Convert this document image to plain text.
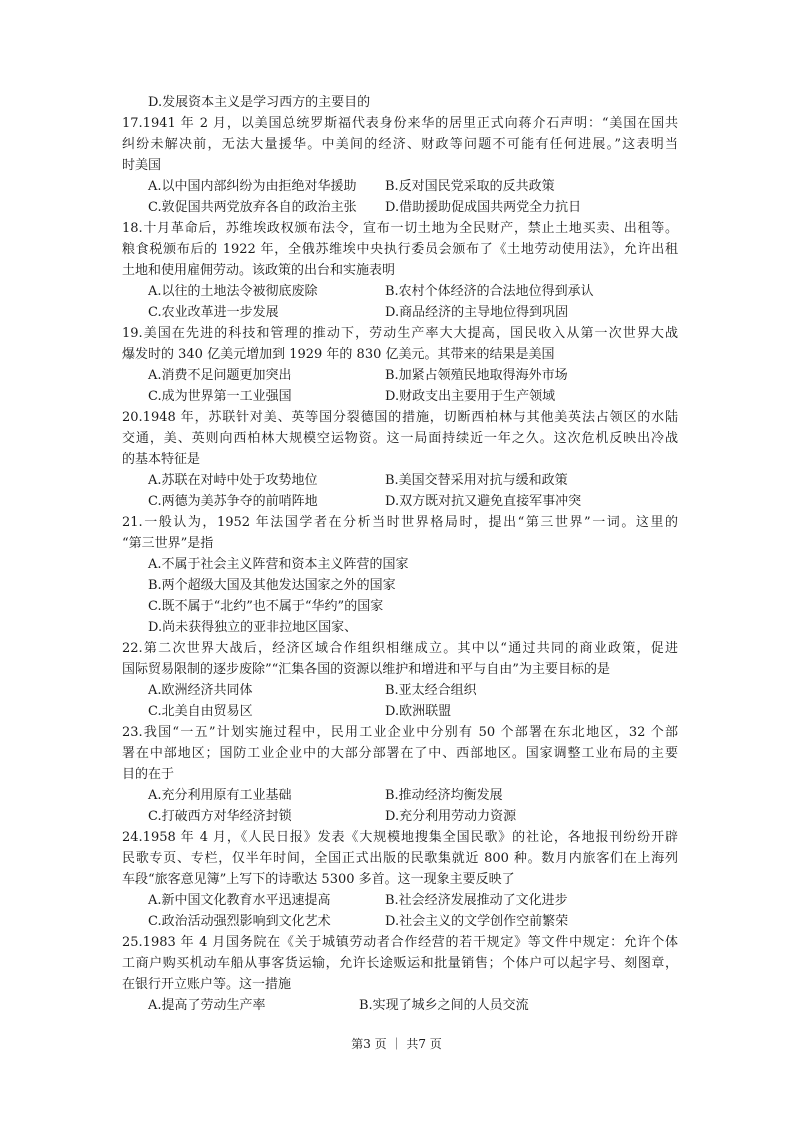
D.发展资本主义是学习西方的主要目的
17.1941 年 2 月，以美国总统罗斯福代表身份来华的居里正式向蒋介石声明：“美国在国共
纠纷未解决前，无法大量援华。中美间的经济、财政等问题不可能有任何进展。”这表明当
时美国
A.以中国内部纠纷为由拒绝对华援助	B.反对国民党采取的反共政策
C.敦促国共两党放弃各自的政治主张	D.借助援助促成国共两党全力抗日
18.十月革命后，苏维埃政权颁布法令，宣布一切土地为全民财产，禁止土地买卖、出租等。
粮食税颁布后的 1922 年，全俄苏维埃中央执行委员会颁布了《土地劳动使用法》，允许出租
土地和使用雇佣劳动。该政策的出台和实施表明
A.以往的土地法令被彻底废除	B.农村个体经济的合法地位得到承认
C.农业改革进一步发展	D.商品经济的主导地位得到巩固
19.美国在先进的科技和管理的推动下，劳动生产率大大提高，国民收入从第一次世界大战
爆发时的 340 亿美元增加到 1929 年的 830 亿美元。其带来的结果是美国
A.消费不足问题更加突出	B.加紧占领殖民地取得海外市场
C.成为世界第一工业强国	D.财政支出主要用于生产领域
20.1948 年，苏联针对美、英等国分裂德国的措施，切断西柏林与其他美英法占领区的水陆
交通，美、英则向西柏林大规模空运物资。这一局面持续近一年之久。这次危机反映出冷战
的基本特征是
A.苏联在对峙中处于攻势地位	B.美国交替采用对抗与缓和政策
C.两德为美苏争夺的前哨阵地	D.双方既对抗又避免直接军事冲突
21.一般认为，1952 年法国学者在分析当时世界格局时，提出“第三世界”一词。这里的
“第三世界”是指
A.不属于社会主义阵营和资本主义阵营的国家
B.两个超级大国及其他发达国家之外的国家
C.既不属于“北约”也不属于“华约”的国家
D.尚未获得独立的亚非拉地区国家、
22.第二次世界大战后，经济区域合作组织相继成立。其中以“通过共同的商业政策，促进
国际贸易限制的逐步废除”“汇集各国的资源以维护和增进和平与自由”为主要目标的是
A.欧洲经济共同体	B.亚太经合组织
C.北美自由贸易区	D.欧洲联盟
23.我国“一五”计划实施过程中，民用工业企业中分别有 50 个部署在东北地区，32 个部
署在中部地区；国防工业企业中的大部分部署在了中、西部地区。国家调整工业布局的主要
目的在于
A.充分利用原有工业基础	B.推动经济均衡发展
C.打破西方对华经济封锁	D.充分利用劳动力资源
24.1958 年 4 月，《人民日报》发表《大规模地搜集全国民歌》的社论，各地报刊纷纷开辟
民歌专页、专栏，仅半年时间，全国正式出版的民歌集就近 800 种。数月内旅客们在上海列
车段“旅客意见簿”上写下的诗歌达 5300 多首。这一现象主要反映了
A.新中国文化教育水平迅速提高	B.社会经济发展推动了文化进步
C.政治活动强烈影响到文化艺术	D.社会主义的文学创作空前繁荣
25.1983 年 4 月国务院在《关于城镇劳动者合作经营的若干规定》等文件中规定：允许个体
工商户购买机动车船从事客货运输，允许长途贩运和批量销售；个体户可以起字号、刻图章，
在银行开立账户等。这一措施
A.提高了劳动生产率	B.实现了城乡之间的人员交流
第3 页 ｜ 共7 页
